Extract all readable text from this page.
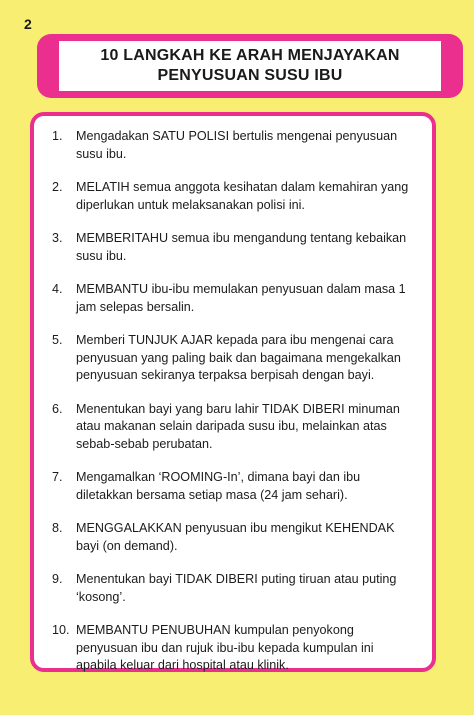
2
10 LANGKAH KE ARAH MENJAYAKAN
PENYUSUAN SUSU IBU
1.	Mengadakan SATU POLISI bertulis mengenai penyusuan susu ibu.
2.	MELATIH semua anggota kesihatan dalam kemahiran yang diperlukan untuk melaksanakan polisi ini.
3.	MEMBERITAHU semua ibu mengandung tentang kebaikan susu ibu.
4.	MEMBANTU ibu-ibu memulakan penyusuan dalam masa 1 jam selepas bersalin.
5.	Memberi TUNJUK AJAR kepada para ibu mengenai cara penyusuan yang paling baik dan bagaimana mengekalkan penyusuan sekiranya terpaksa berpisah dengan bayi.
6.	Menentukan bayi yang baru lahir TIDAK DIBERI minuman atau makanan selain daripada susu ibu, melainkan atas sebab-sebab perubatan.
7.	Mengamalkan ‘ROOMING-In’, dimana bayi dan ibu diletakkan bersama setiap masa (24 jam sehari).
8.	MENGGALAKKAN penyusuan ibu mengikut KEHENDAK bayi (on demand).
9.	Menentukan bayi TIDAK DIBERI puting tiruan atau puting ‘kosong’.
10. MEMBANTU PENUBUHAN kumpulan penyokong penyusuan ibu dan rujuk ibu-ibu kepada kumpulan ini apabila keluar dari hospital atau klinik.
